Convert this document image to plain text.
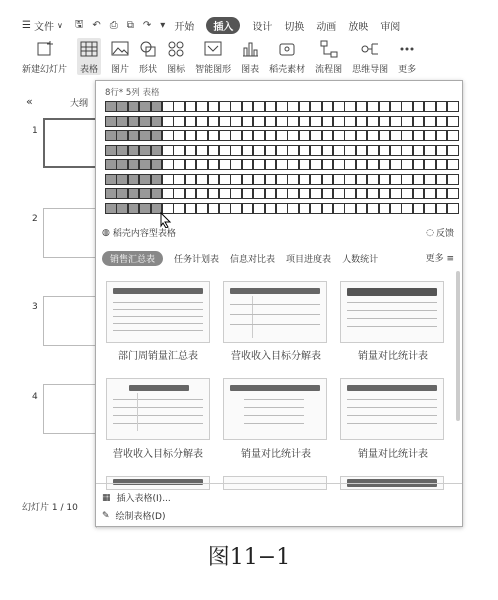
☰ 文件 ∨ 🖫 ↶ ⎙ ⧉ ↷ ▾ 开始	插入	设计 切换 动画 放映 审阅
新建幻灯片 表格 图片 形状 图标 智能图形 图表 稻壳素材 流程图 思维导图 更多
«	大纲
1
2
3
4
幻灯片 1 / 10
8行* 5列 表格
◍ 稻壳内容型表格	◌ 反馈
销售汇总表	任务计划表 信息对比表 项目进度表 人数统计	更多 ≡
部门周销量汇总表	营收收入目标分解表	销量对比统计表
营收收入目标分解表	销量对比统计表	销量对比统计表
▦ 插入表格(I)...
✎ 绘制表格(D)
图11−1
